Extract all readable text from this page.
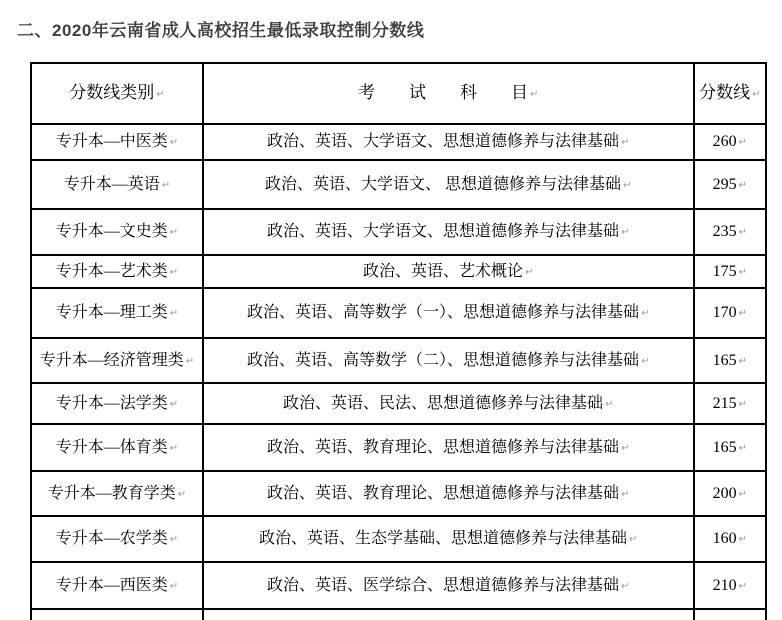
二、2020年云南省成人高校招生最低录取控制分数线
分数线类别 ↵	考　　试　　科　　目 ↵	分数线 ↵
专升本—中医类 ↵	政治、英语、大学语文、思想道德修养与法律基础 ↵	260 ↵
专升本—英语 ↵	政治、英语、大学语文、 思想道德修养与法律基础 ↵	295 ↵
专升本—文史类 ↵	政治、英语、大学语文、思想道德修养与法律基础 ↵	235 ↵
专升本—艺术类 ↵	政治、英语、艺术概论 ↵	175 ↵
专升本—理工类 ↵	政治、英语、高等数学（一）、思想道德修养与法律基础 ↵	170 ↵
专升本—经济管理类 ↵	政治、英语、高等数学（二）、思想道德修养与法律基础 ↵	165 ↵
专升本—法学类 ↵	政治、英语、民法、思想道德修养与法律基础 ↵	215 ↵
专升本—体育类 ↵	政治、英语、教育理论、思想道德修养与法律基础 ↵	165 ↵
专升本—教育学类 ↵	政治、英语、教育理论、思想道德修养与法律基础 ↵	200 ↵
专升本—农学类 ↵	政治、英语、生态学基础、思想道德修养与法律基础 ↵	160 ↵
专升本—西医类 ↵	政治、英语、医学综合、思想道德修养与法律基础 ↵	210 ↵
